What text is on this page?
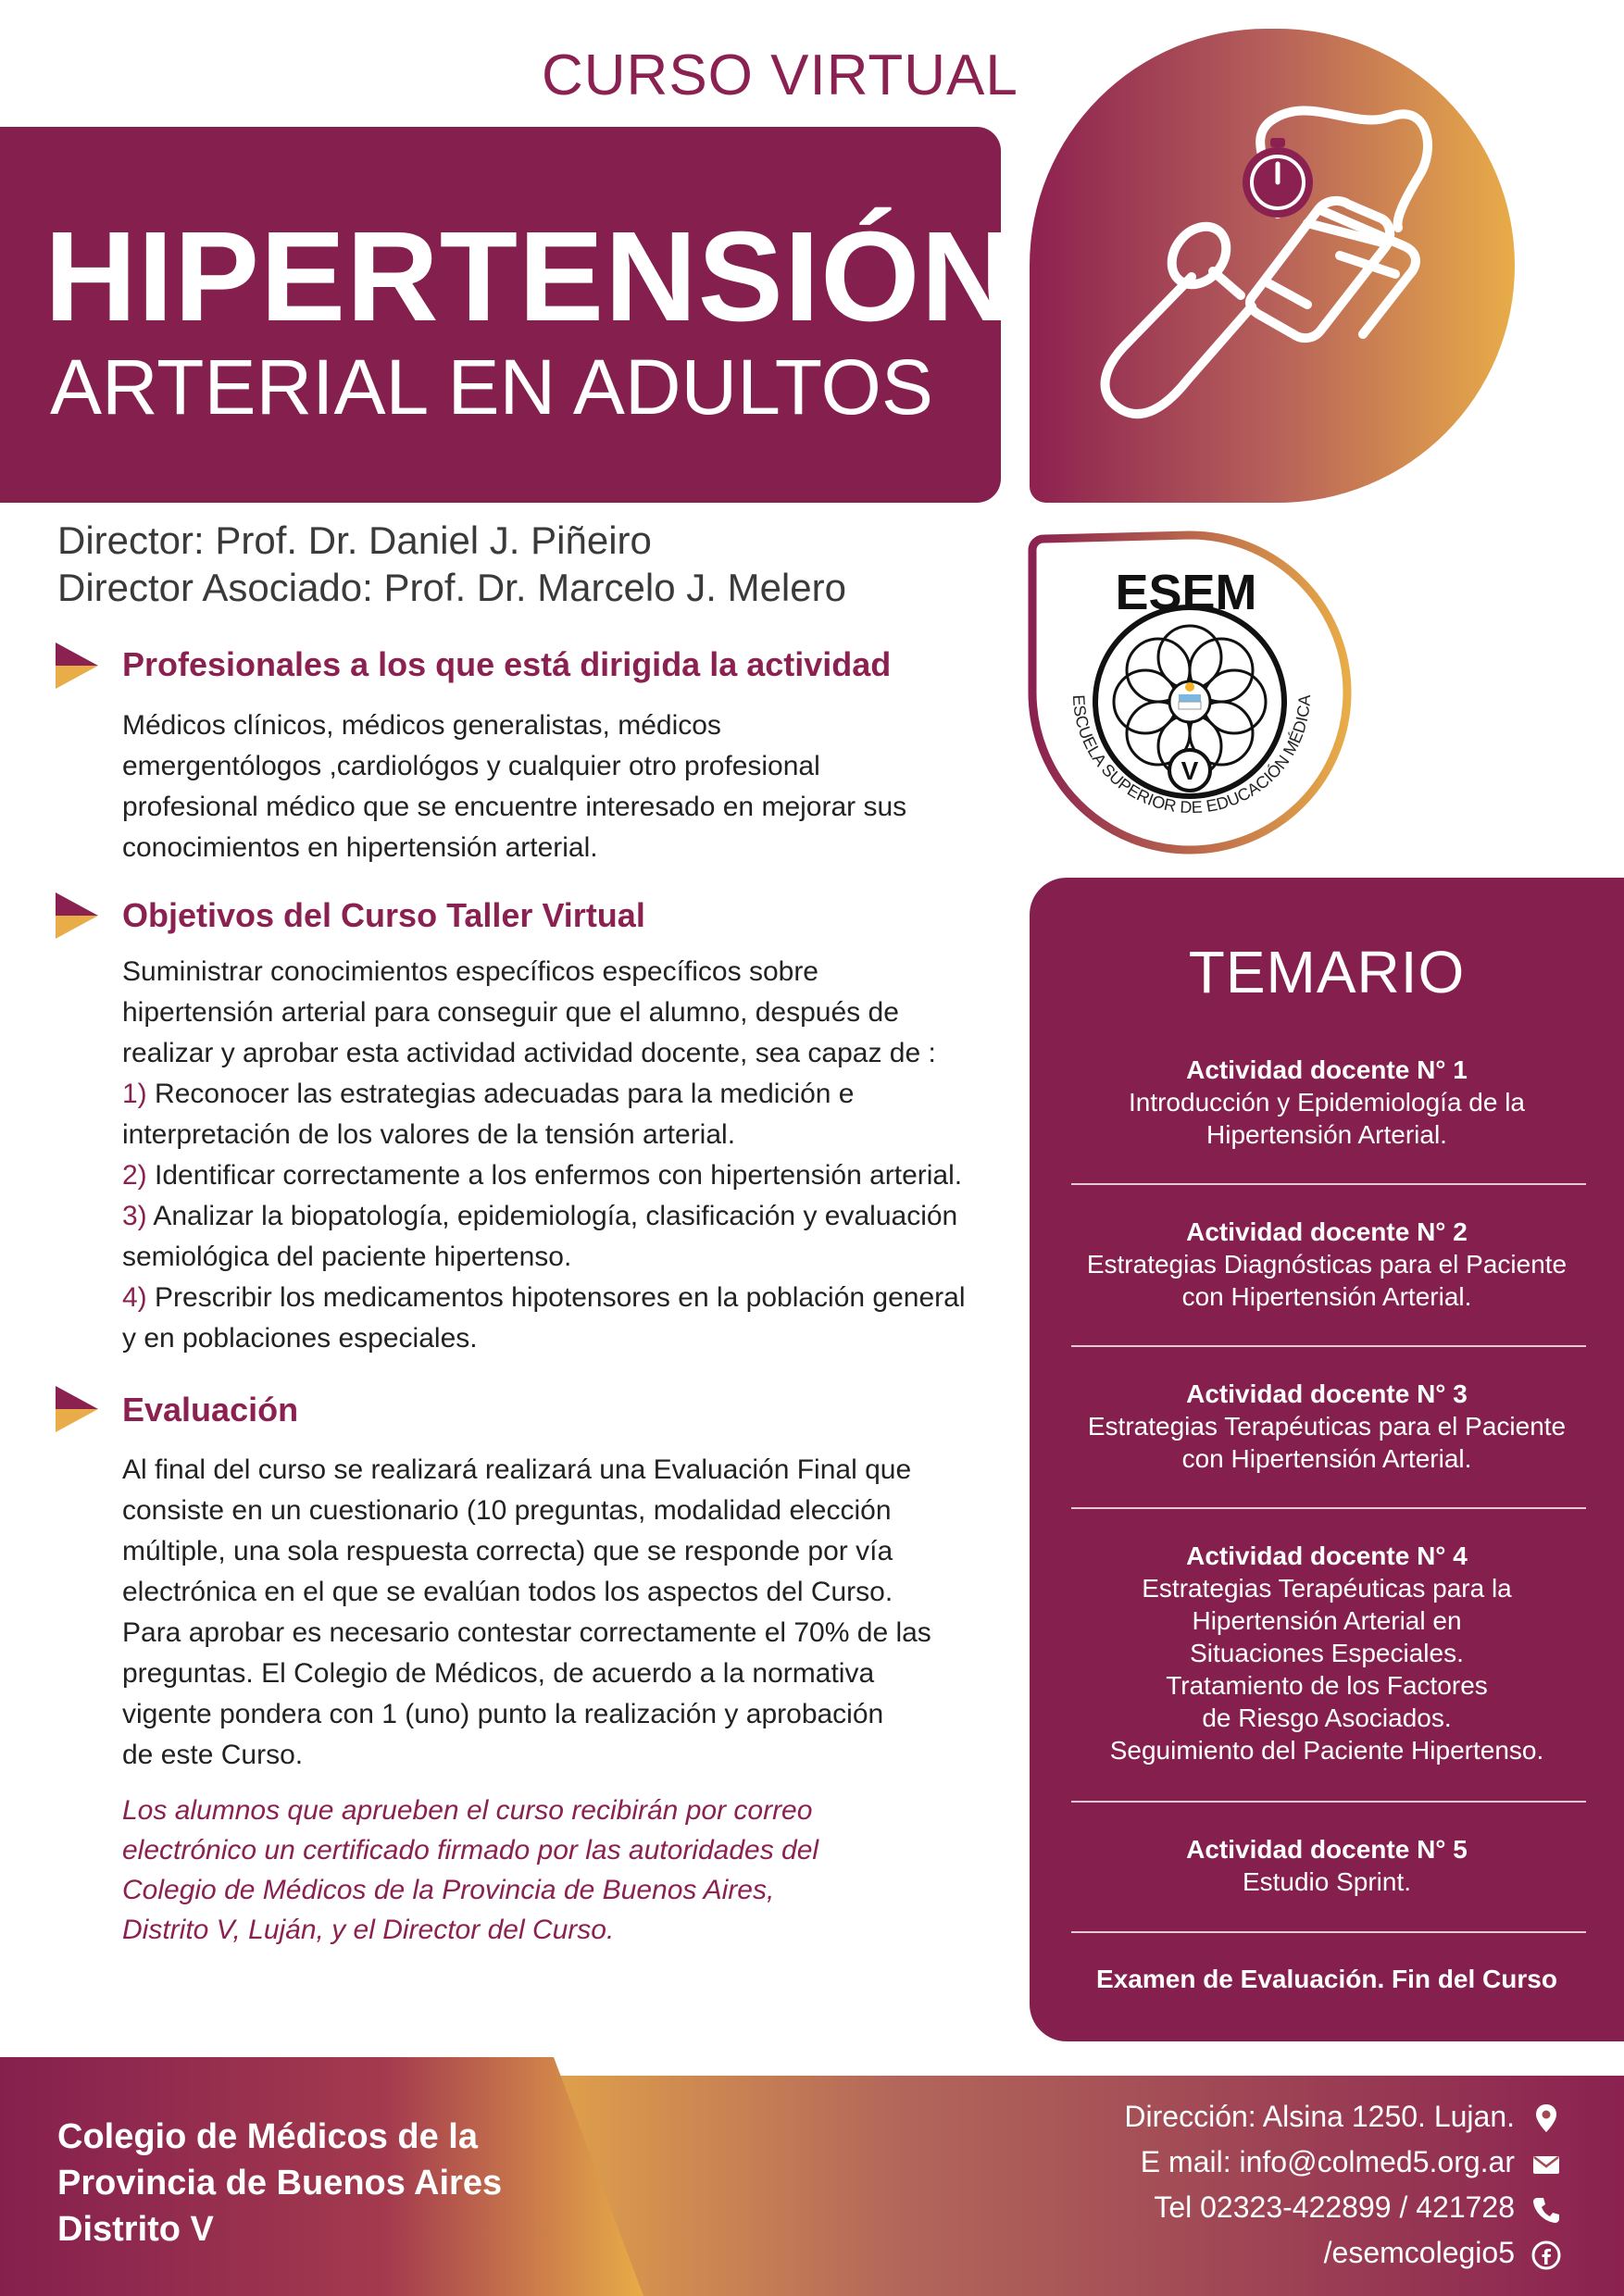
CURSO VIRTUAL
HIPERTENSIÓN
ARTERIAL EN ADULTOS
Director: Prof. Dr. Daniel J. Piñeiro
Director Asociado: Prof. Dr. Marcelo J. Melero
Profesionales a los que está dirigida la actividad

Médicos clínicos, médicos generalistas, médicos

emergentólogos ,cardiológos y cualquier otro profesional

profesional médico que se encuentre interesado en mejorar sus

conocimientos en hipertensión arterial.

Objetivos del Curso Taller Virtual

Suministrar conocimientos específicos específicos sobre

hipertensión arterial para conseguir que el alumno, después de

realizar y aprobar esta actividad actividad docente, sea capaz de :

1) Reconocer las estrategias adecuadas para la medición e

interpretación de los valores de la tensión arterial.

2) Identificar correctamente a los enfermos con hipertensión arterial.

3) Analizar la biopatología, epidemiología, clasificación y evaluación

semiológica del paciente hipertenso.

4) Prescribir los medicamentos hipotensores en la población general

y en poblaciones especiales.

Evaluación

Al final del curso se realizará realizará una Evaluación Final que

consiste en un cuestionario (10 preguntas, modalidad elección

múltiple, una sola respuesta correcta) que se responde por vía

electrónica en el que se evalúan todos los aspectos del Curso.

Para aprobar es necesario contestar correctamente el 70% de las

preguntas. El Colegio de Médicos, de acuerdo a la normativa

vigente pondera con 1 (uno) punto la realización y aprobación

de este Curso.

Los alumnos que aprueben el curso recibirán por correo
electrónico un certificado firmado por las autoridades del
Colegio de Médicos de la Provincia de Buenos Aires,
Distrito V, Luján, y el Director del Curso.
ESEM
ESCUELA SUPERIOR DE EDUCACIÓN MÉDICA
V
TEMARIO
Actividad docente N° 1
Introducción y Epidemiología de la
Hipertensión Arterial.
Actividad docente N° 2
Estrategias Diagnósticas para el Paciente
con Hipertensión Arterial.
Actividad docente N° 3
Estrategias Terapéuticas para el Paciente
con Hipertensión Arterial.
Actividad docente N° 4
Estrategias Terapéuticas para la
Hipertensión Arterial en
Situaciones Especiales.
Tratamiento de los Factores
de Riesgo Asociados.
Seguimiento del Paciente Hipertenso.
Actividad docente N° 5
Estudio Sprint.
Examen de Evaluación. Fin del Curso
Colegio de Médicos de la
Provincia de Buenos Aires
Distrito V
Dirección: Alsina 1250. Lujan.
E mail: info@colmed5.org.ar
Tel 02323-422899 / 421728
/esemcolegio5
